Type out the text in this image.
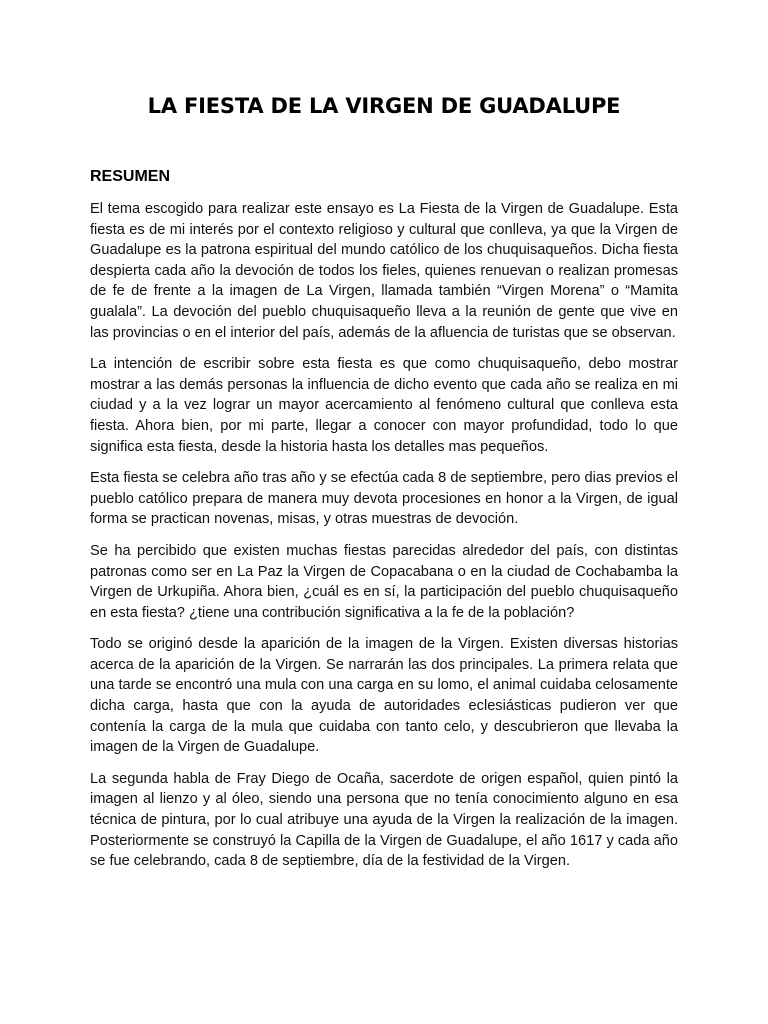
LA FIESTA DE LA VIRGEN DE GUADALUPE
RESUMEN

El tema escogido para realizar este ensayo es La Fiesta de la Virgen de Guadalupe. Esta fiesta es de mi interés por el contexto religioso y cultural que conlleva, ya que la Virgen de Guadalupe es la patrona espiritual del mundo católico de los chuquisaqueños. Dicha fiesta despierta cada año la devoción de todos los fieles, quienes renuevan o realizan promesas de fe de frente a la imagen de La Virgen, llamada también “Virgen Morena” o “Mamita gualala”. La devoción del pueblo chuquisaqueño lleva a la reunión de gente que vive en las provincias o en el interior del país, además de la afluencia de turistas que se observan.

La intención de escribir sobre esta fiesta es que como chuquisaqueño, debo mostrar mostrar a las demás personas la influencia de dicho evento que cada año se realiza en mi ciudad y a la vez lograr un mayor acercamiento al fenómeno cultural que conlleva esta fiesta. Ahora bien, por mi parte, llegar a conocer con mayor profundidad, todo lo que significa esta fiesta, desde la historia hasta los detalles mas pequeños.

Esta fiesta se celebra año tras año y se efectúa cada 8 de septiembre, pero dias previos el pueblo católico prepara de manera muy devota procesiones en honor a la Virgen, de igual forma se practican novenas, misas, y otras muestras de devoción.

Se ha percibido que existen muchas fiestas parecidas alrededor del país, con distintas patronas como ser en La Paz la Virgen de Copacabana o en la ciudad de Cochabamba la Virgen de Urkupiña. Ahora bien, ¿cuál es en sí, la participación del pueblo chuquisaqueño en esta fiesta? ¿tiene una contribución significativa a la fe de la población?

Todo se originó desde la aparición de la imagen de la Virgen. Existen diversas historias acerca de la aparición de la Virgen. Se narrarán las dos principales. La primera relata que una tarde se encontró una mula con una carga en su lomo, el animal cuidaba celosamente dicha carga, hasta que con la ayuda de autoridades eclesiásticas pudieron ver que contenía la carga de la mula que cuidaba con tanto celo, y descubrieron que llevaba la imagen de la Virgen de Guadalupe.

La segunda habla de Fray Diego de Ocaña, sacerdote de origen español, quien pintó la imagen al lienzo y al óleo, siendo una persona que no tenía conocimiento alguno en esa técnica de pintura, por lo cual atribuye una ayuda de la Virgen la realización de la imagen. Posteriormente se construyó la Capilla de la Virgen de Guadalupe, el año 1617 y cada año se fue celebrando, cada 8 de septiembre, día de la festividad de la Virgen.
